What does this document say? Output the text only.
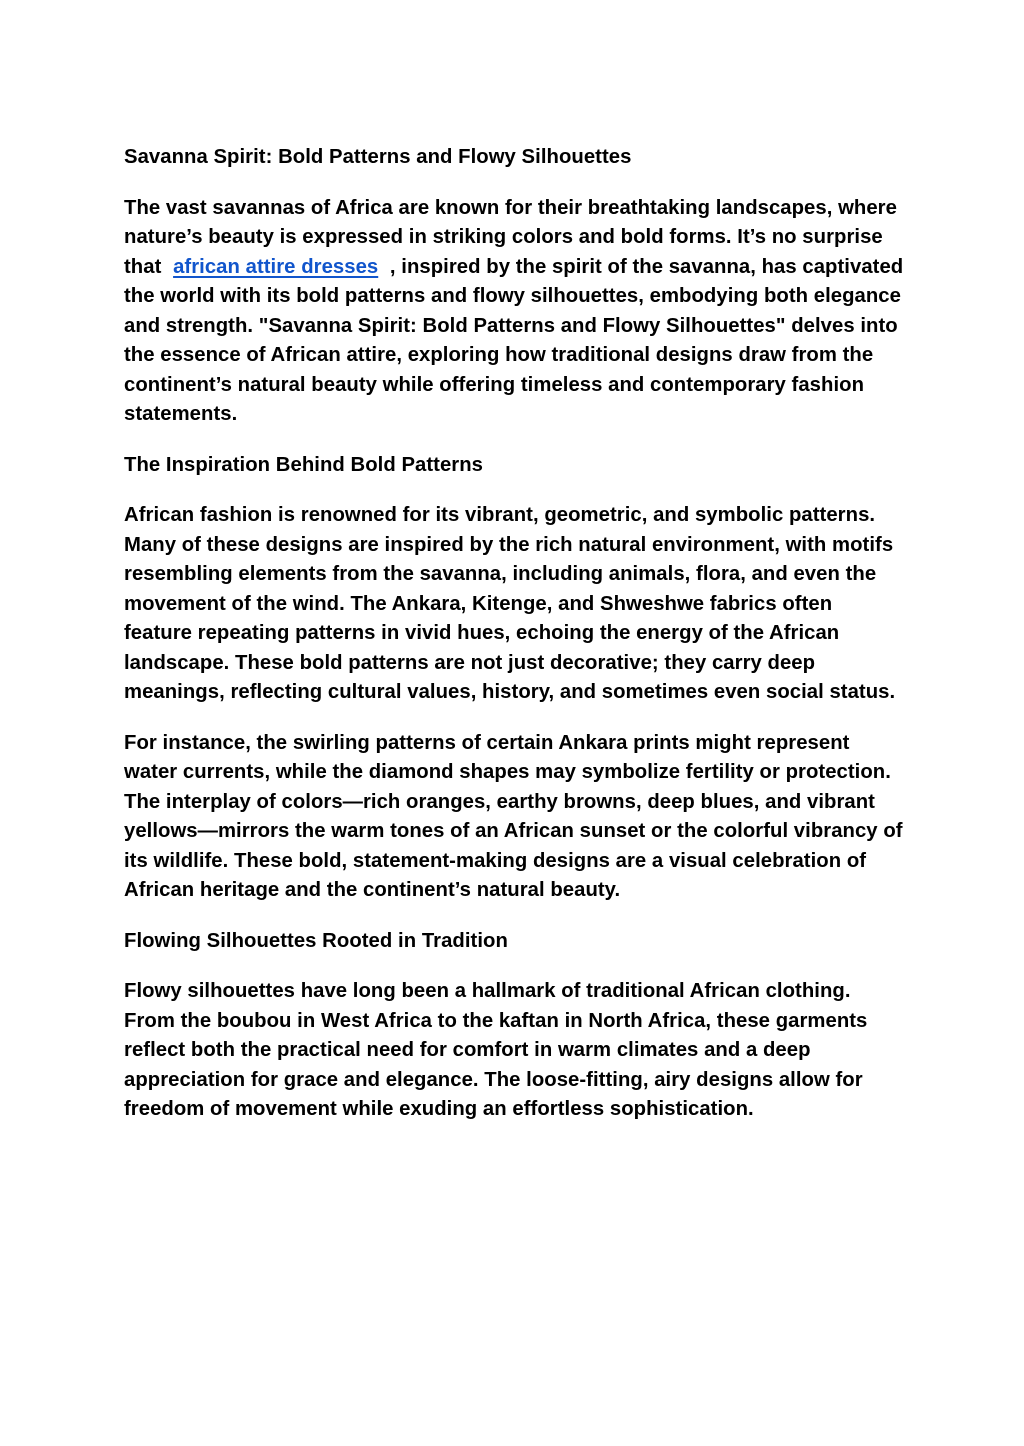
Savanna Spirit: Bold Patterns and Flowy Silhouettes
The vast savannas of Africa are known for their breathtaking landscapes, where nature’s beauty is expressed in striking colors and bold forms. It’s no surprise that african attire dresses , inspired by the spirit of the savanna, has captivated the world with its bold patterns and flowy silhouettes, embodying both elegance and strength. "Savanna Spirit: Bold Patterns and Flowy Silhouettes" delves into the essence of African attire, exploring how traditional designs draw from the continent’s natural beauty while offering timeless and contemporary fashion statements.
The Inspiration Behind Bold Patterns
African fashion is renowned for its vibrant, geometric, and symbolic patterns. Many of these designs are inspired by the rich natural environment, with motifs resembling elements from the savanna, including animals, flora, and even the movement of the wind. The Ankara, Kitenge, and Shweshwe fabrics often feature repeating patterns in vivid hues, echoing the energy of the African landscape. These bold patterns are not just decorative; they carry deep meanings, reflecting cultural values, history, and sometimes even social status.
For instance, the swirling patterns of certain Ankara prints might represent water currents, while the diamond shapes may symbolize fertility or protection. The interplay of colors—rich oranges, earthy browns, deep blues, and vibrant yellows—mirrors the warm tones of an African sunset or the colorful vibrancy of its wildlife. These bold, statement-making designs are a visual celebration of African heritage and the continent’s natural beauty.
Flowing Silhouettes Rooted in Tradition
Flowy silhouettes have long been a hallmark of traditional African clothing. From the boubou in West Africa to the kaftan in North Africa, these garments reflect both the practical need for comfort in warm climates and a deep appreciation for grace and elegance. The loose-fitting, airy designs allow for freedom of movement while exuding an effortless sophistication.
